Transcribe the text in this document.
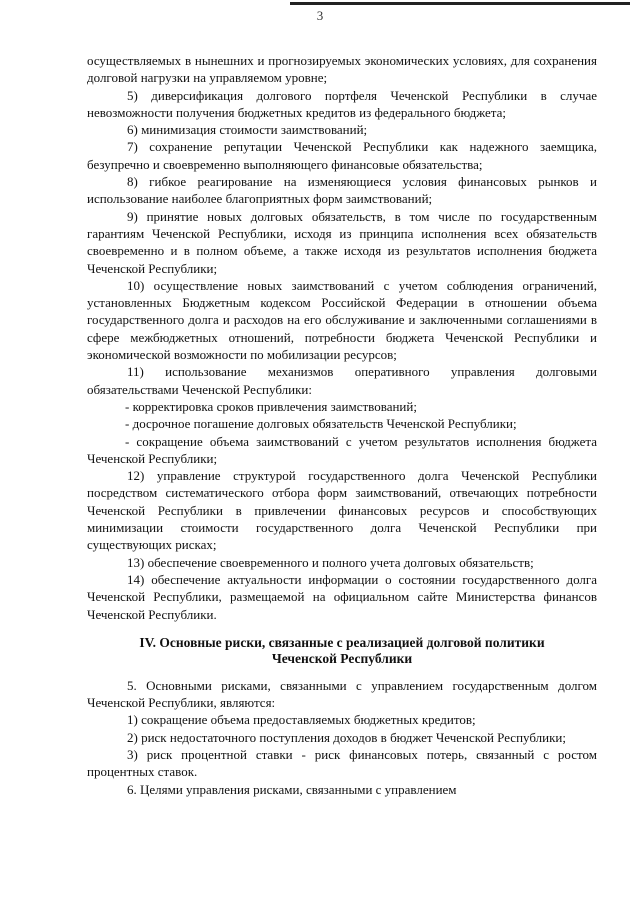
3

осуществляемых в нынешних и прогнозируемых экономических условиях, для сохранения долговой нагрузки на управляемом уровне;

5) диверсификация долгового портфеля Чеченской Республики в случае невозможности получения бюджетных кредитов из федерального бюджета;

6) минимизация стоимости заимствований;

7) сохранение репутации Чеченской Республики как надежного заемщика, безупречно и своевременно выполняющего финансовые обязательства;

8) гибкое реагирование на изменяющиеся условия финансовых рынков и использование наиболее благоприятных форм заимствований;

9) принятие новых долговых обязательств, в том числе по государственным гарантиям Чеченской Республики, исходя из принципа исполнения всех обязательств своевременно и в полном объеме, а также исходя из результатов исполнения бюджета Чеченской Республики;

10) осуществление новых заимствований с учетом соблюдения ограничений, установленных Бюджетным кодексом Российской Федерации в отношении объема государственного долга и расходов на его обслуживание и заключенными соглашениями в сфере межбюджетных отношений, потребности бюджета Чеченской Республики и экономической возможности по мобилизации ресурсов;

11) использование механизмов оперативного управления долговыми обязательствами Чеченской Республики:

- корректировка сроков привлечения заимствований;

- досрочное погашение долговых обязательств Чеченской Республики;

- сокращение объема заимствований с учетом результатов исполнения бюджета Чеченской Республики;

12) управление структурой государственного долга Чеченской Республики посредством систематического отбора форм заимствований, отвечающих потребности Чеченской Республики в привлечении финансовых ресурсов и способствующих минимизации стоимости государственного долга Чеченской Республики при существующих рисках;

13) обеспечение своевременного и полного учета долговых обязательств;

14) обеспечение актуальности информации о состоянии государственного долга Чеченской Республики, размещаемой на официальном сайте Министерства финансов Чеченской Республики.

IV. Основные риски, связанные с реализацией долговой политики
Чеченской Республики

5. Основными рисками, связанными с управлением государственным долгом Чеченской Республики, являются:

1) сокращение объема предоставляемых бюджетных кредитов;

2) риск недостаточного поступления доходов в бюджет Чеченской Республики;

3) риск процентной ставки - риск финансовых потерь, связанный с ростом процентных ставок.

6. Целями управления рисками, связанными с управлением
